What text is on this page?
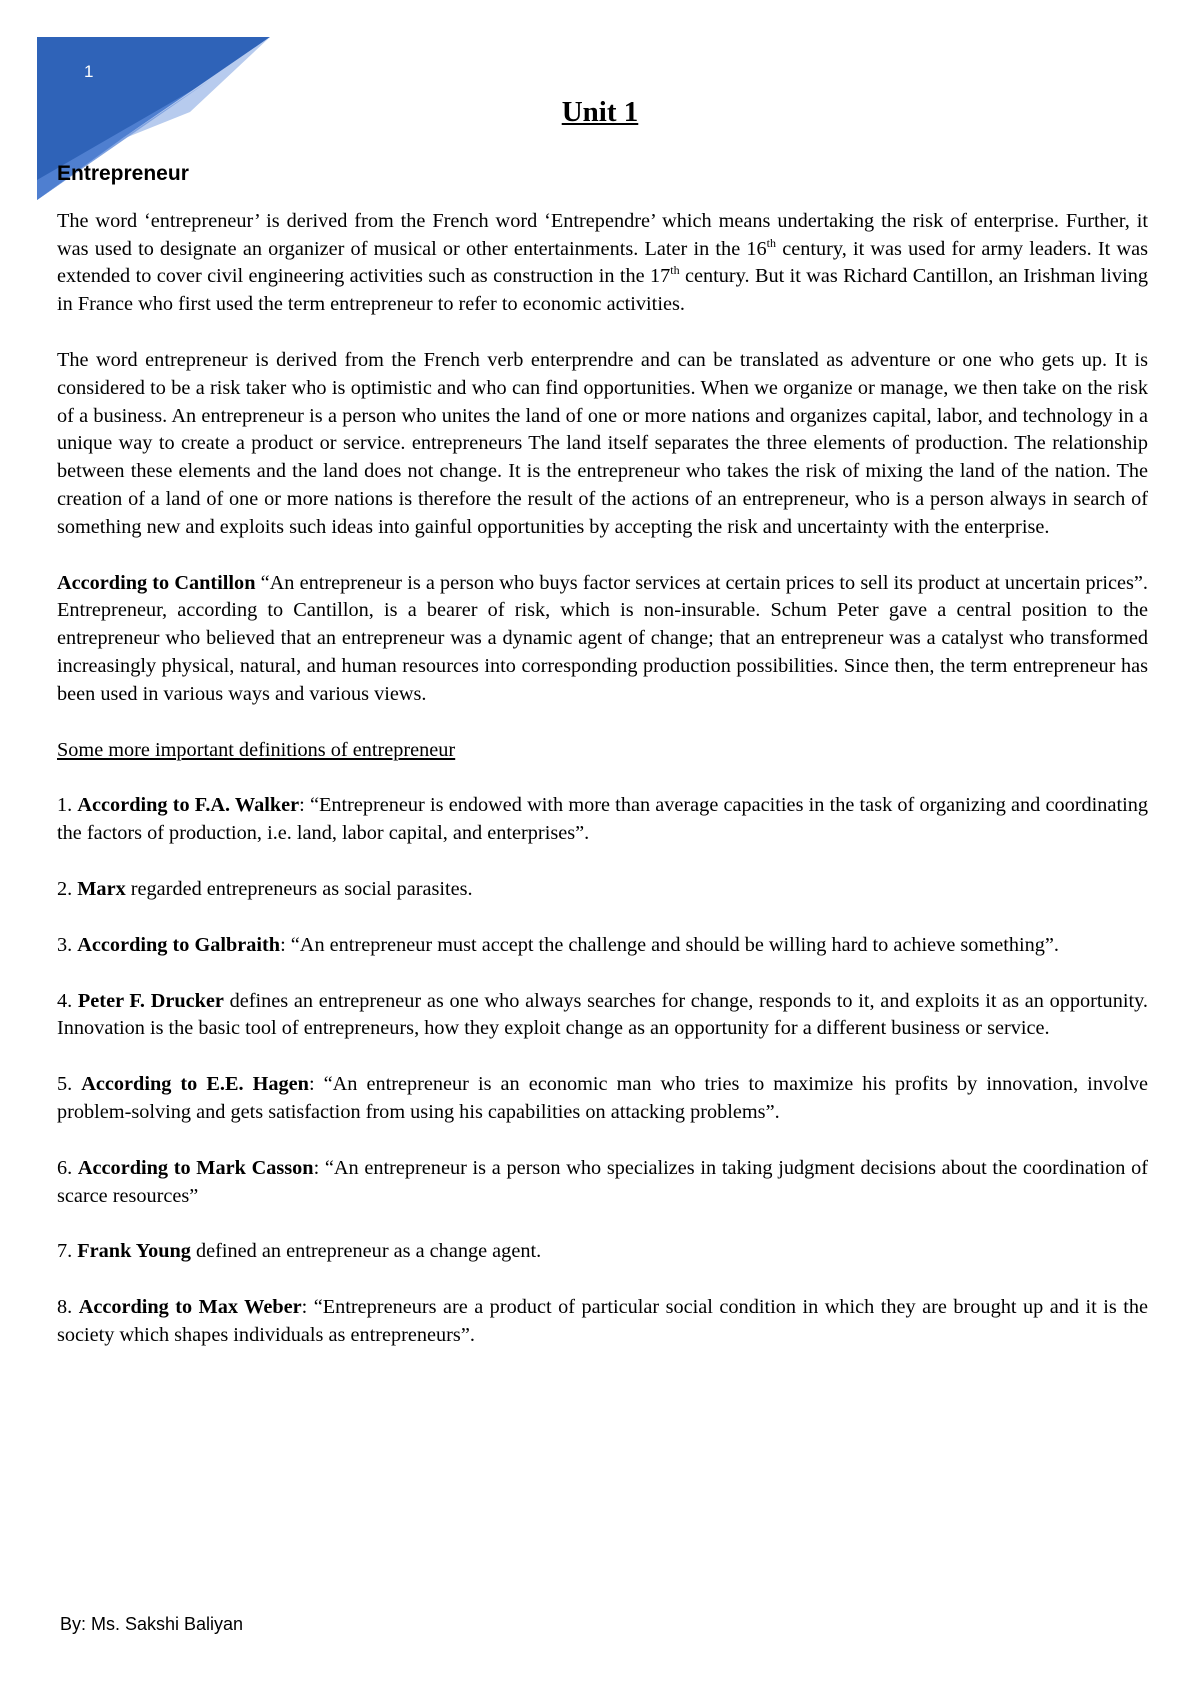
1
Unit 1

Entrepreneur

The word ‘entrepreneur’ is derived from the French word ‘Entrependre’ which means undertaking the risk of enterprise. Further, it was used to designate an organizer of musical or other entertainments. Later in the 16th century, it was used for army leaders. It was extended to cover civil engineering activities such as construction in the 17th century. But it was Richard Cantillon, an Irishman living in France who first used the term entrepreneur to refer to economic activities.

The word entrepreneur is derived from the French verb enterprendre and can be translated as adventure or one who gets up. It is considered to be a risk taker who is optimistic and who can find opportunities. When we organize or manage, we then take on the risk of a business. An entrepreneur is a person who unites the land of one or more nations and organizes capital, labor, and technology in a unique way to create a product or service. entrepreneurs The land itself separates the three elements of production. The relationship between these elements and the land does not change. It is the entrepreneur who takes the risk of mixing the land of the nation. The creation of a land of one or more nations is therefore the result of the actions of an entrepreneur, who is a person always in search of something new and exploits such ideas into gainful opportunities by accepting the risk and uncertainty with the enterprise.

According to Cantillon “An entrepreneur is a person who buys factor services at certain prices to sell its product at uncertain prices”. Entrepreneur, according to Cantillon, is a bearer of risk, which is non-insurable. Schum Peter gave a central position to the entrepreneur who believed that an entrepreneur was a dynamic agent of change; that an entrepreneur was a catalyst who transformed increasingly physical, natural, and human resources into corresponding production possibilities. Since then, the term entrepreneur has been used in various ways and various views.

Some more important definitions of entrepreneur

1. According to F.A. Walker: “Entrepreneur is endowed with more than average capacities in the task of organizing and coordinating the factors of production, i.e. land, labor capital, and enterprises”.

2. Marx regarded entrepreneurs as social parasites.

3. According to Galbraith: “An entrepreneur must accept the challenge and should be willing hard to achieve something”.

4. Peter F. Drucker defines an entrepreneur as one who always searches for change, responds to it, and exploits it as an opportunity. Innovation is the basic tool of entrepreneurs, how they exploit change as an opportunity for a different business or service.

5. According to E.E. Hagen: “An entrepreneur is an economic man who tries to maximize his profits by innovation, involve problem-solving and gets satisfaction from using his capabilities on attacking problems”.

6. According to Mark Casson: “An entrepreneur is a person who specializes in taking judgment decisions about the coordination of scarce resources”

7. Frank Young defined an entrepreneur as a change agent.

8. According to Max Weber: “Entrepreneurs are a product of particular social condition in which they are brought up and it is the society which shapes individuals as entrepreneurs”.

By: Ms. Sakshi Baliyan
